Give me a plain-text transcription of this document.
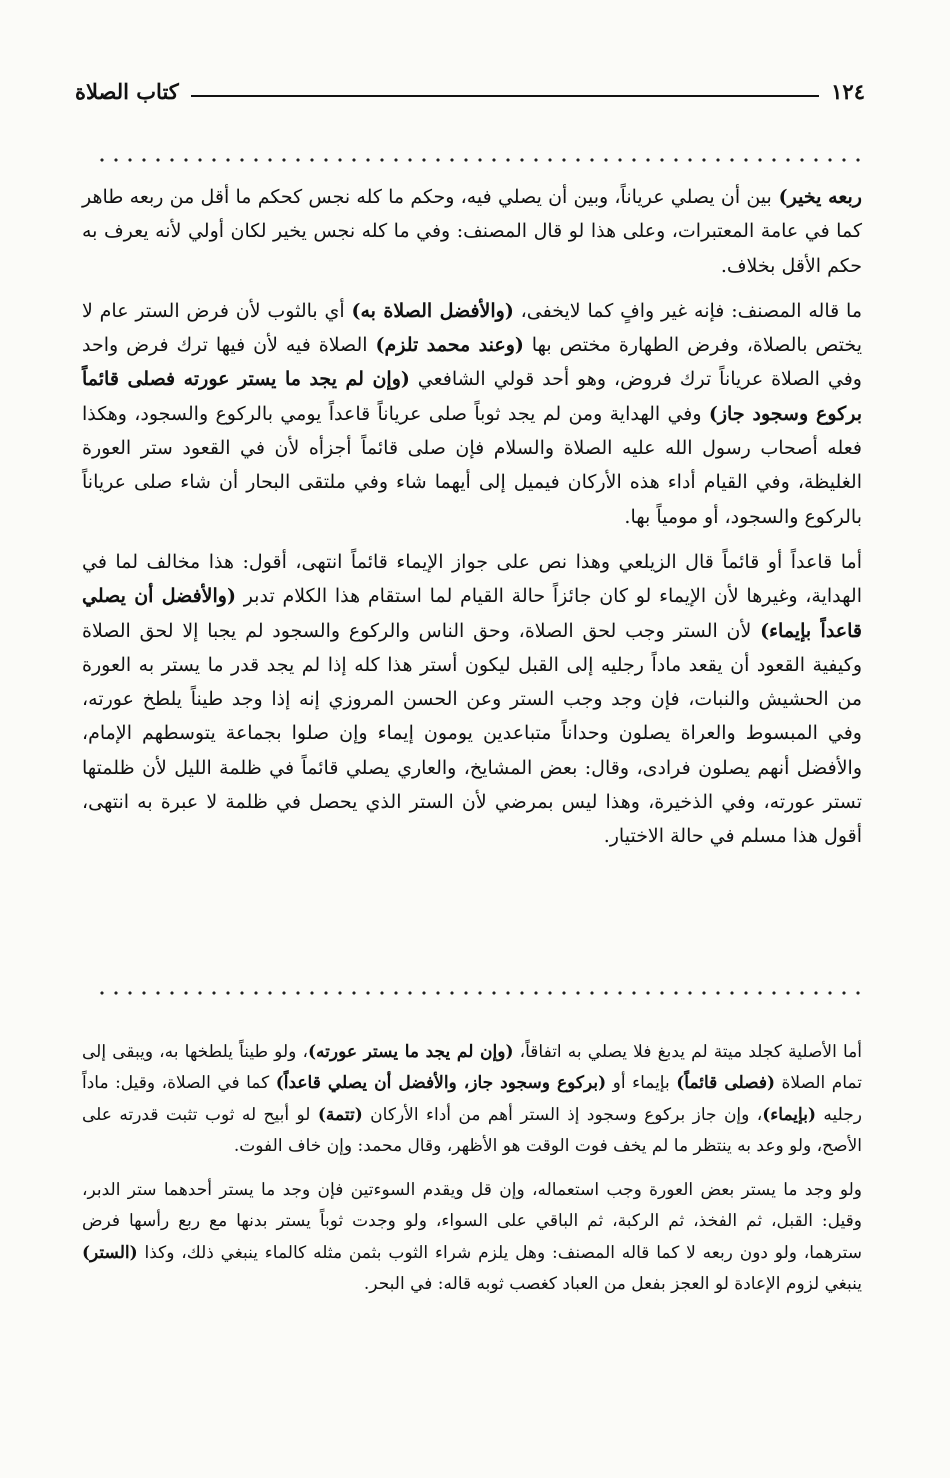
كتاب الصلاة	١٢٤

ربعه يخير) بين أن يصلي عرياناً، وبين أن يصلي فيه، وحكم ما كله نجس كحكم ما أقل من ربعه طاهر كما في عامة المعتبرات، وعلى هذا لو قال المصنف: وفي ما كله نجس يخير لكان أولي لأنه يعرف به حكم الأقل بخلاف.

ما قاله المصنف: فإنه غير وافٍ كما لايخفى، (والأفضل الصلاة به) أي بالثوب لأن فرض الستر عام لا يختص بالصلاة، وفرض الطهارة مختص بها (وعند محمد تلزم) الصلاة فيه لأن فيها ترك فرض واحد وفي الصلاة عرياناً ترك فروض، وهو أحد قولي الشافعي (وإن لم يجد ما يستر عورته فصلى قائماً بركوع وسجود جاز) وفي الهداية ومن لم يجد ثوباً صلى عرياناً قاعداً يومي بالركوع والسجود، وهكذا فعله أصحاب رسول الله عليه الصلاة والسلام فإن صلى قائماً أجزأه لأن في القعود ستر العورة الغليظة، وفي القيام أداء هذه الأركان فيميل إلى أيهما شاء وفي ملتقى البحار أن شاء صلى عرياناً بالركوع والسجود، أو مومياً بها.

أما قاعداً أو قائماً قال الزيلعي وهذا نص على جواز الإيماء قائماً انتهى، أقول: هذا مخالف لما في الهداية، وغيرها لأن الإيماء لو كان جائزاً حالة القيام لما استقام هذا الكلام تدبر (والأفضل أن يصلي قاعداً بإيماء) لأن الستر وجب لحق الصلاة، وحق الناس والركوع والسجود لم يجبا إلا لحق الصلاة وكيفية القعود أن يقعد ماداً رجليه إلى القبل ليكون أستر هذا كله إذا لم يجد قدر ما يستر به العورة من الحشيش والنبات، فإن وجد وجب الستر وعن الحسن المروزي إنه إذا وجد طيناً يلطخ عورته، وفي المبسوط والعراة يصلون وحداناً متباعدين يومون إيماء وإن صلوا بجماعة يتوسطهم الإمام، والأفضل أنهم يصلون فرادى، وقال: بعض المشايخ، والعاري يصلي قائماً في ظلمة الليل لأن ظلمتها تستر عورته، وفي الذخيرة، وهذا ليس بمرضي لأن الستر الذي يحصل في ظلمة لا عبرة به انتهى، أقول هذا مسلم في حالة الاختيار.

أما الأصلية كجلد ميتة لم يدبغ فلا يصلي به اتفاقاً، (وإن لم يجد ما يستر عورته)، ولو طيناً يلطخها به، ويبقى إلى تمام الصلاة (فصلى قائماً) بإيماء أو (بركوع وسجود جاز، والأفضل أن يصلي قاعداً) كما في الصلاة، وقيل: ماداً رجليه (بإيماء)، وإن جاز بركوع وسجود إذ الستر أهم من أداء الأركان (تتمة) لو أبيح له ثوب تثبت قدرته على الأصح، ولو وعد به ينتظر ما لم يخف فوت الوقت هو الأظهر، وقال محمد: وإن خاف الفوت.

ولو وجد ما يستر بعض العورة وجب استعماله، وإن قل ويقدم السوءتين فإن وجد ما يستر أحدهما ستر الدبر، وقيل: القبل، ثم الفخذ، ثم الركبة، ثم الباقي على السواء، ولو وجدت ثوباً يستر بدنها مع ربع رأسها فرض سترهما، ولو دون ربعه لا كما قاله المصنف: وهل يلزم شراء الثوب بثمن مثله كالماء ينبغي ذلك، وكذا (الستر) ينبغي لزوم الإعادة لو العجز بفعل من العباد كغصب ثوبه قاله: في البحر.
